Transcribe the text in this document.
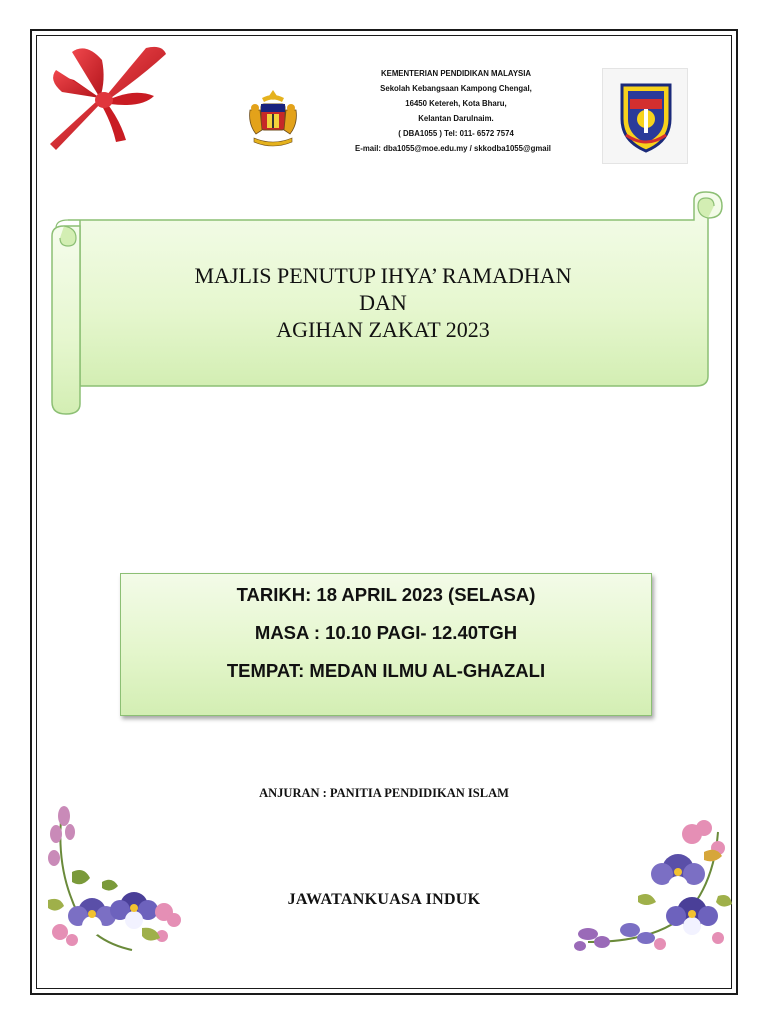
KEMENTERIAN PENDIDIKAN MALAYSIA
Sekolah Kebangsaan Kampong Chengal,
16450 Ketereh, Kota Bharu,
Kelantan Darulnaim.
( DBA1055 ) Tel: 011- 6572 7574
E-mail: dba1055@moe.edu.my / skkodba1055@gmail
MAJLIS PENUTUP IHYA’ RAMADHAN
DAN
AGIHAN ZAKAT 2023
TARIKH: 18 APRIL 2023 (SELASA)
MASA : 10.10 PAGI- 12.40TGH
TEMPAT: MEDAN ILMU AL-GHAZALI
ANJURAN : PANITIA PENDIDIKAN ISLAM
JAWATANKUASA INDUK
